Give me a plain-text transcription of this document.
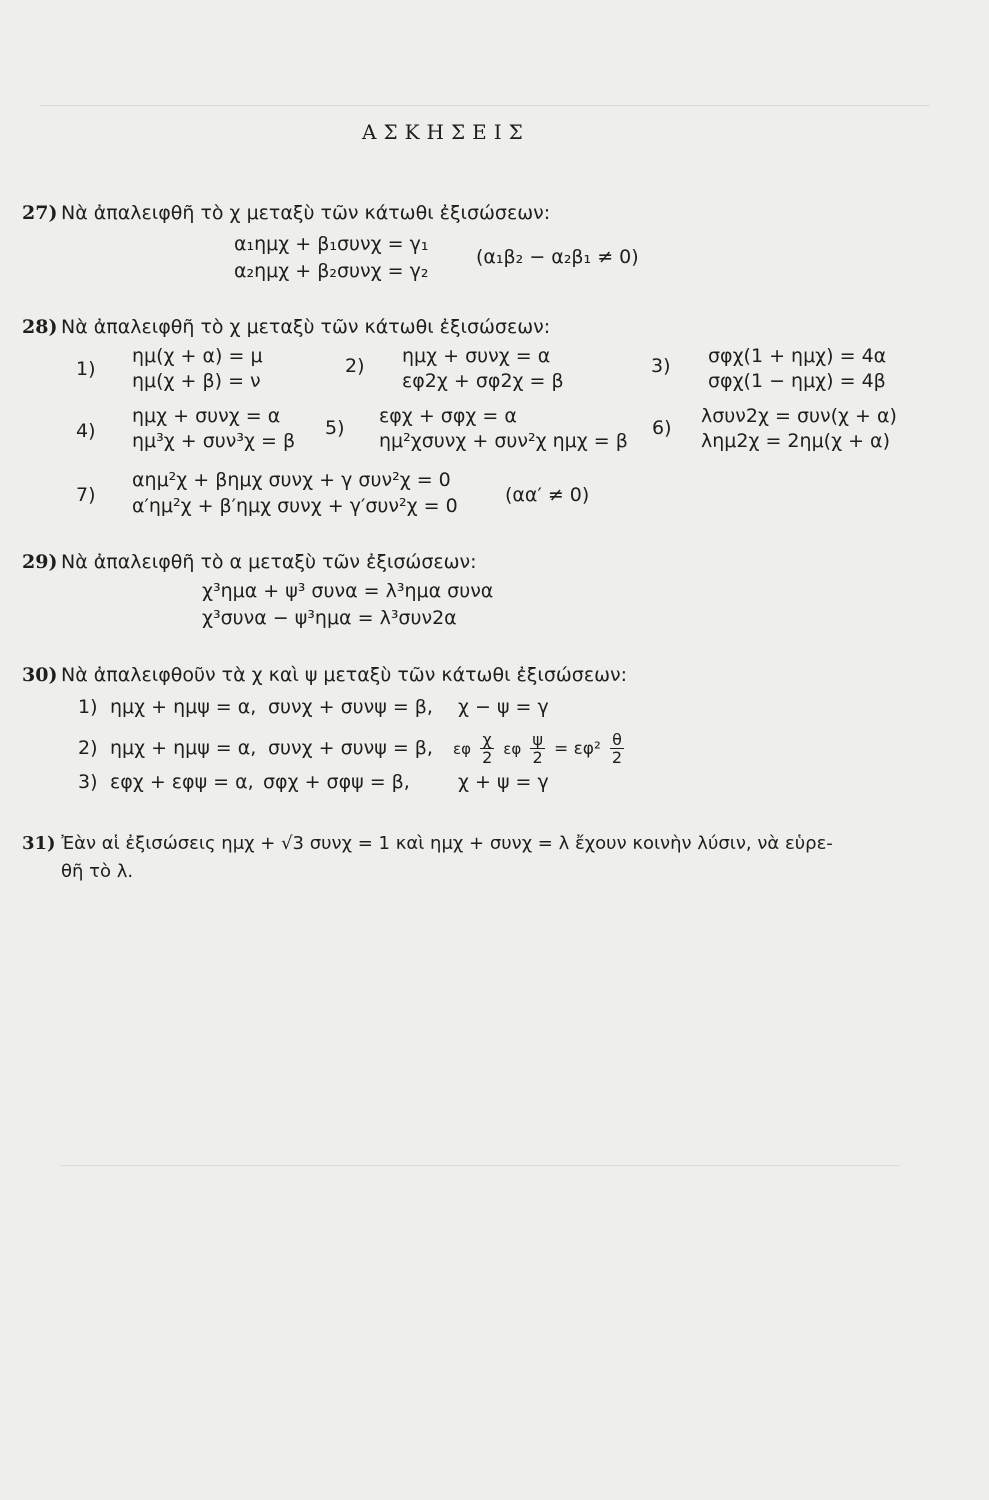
ΑΣΚΗΣΕΙΣ
27) Νὰ ἀπαλειφθῆ τὸ χ μεταξὺ τῶν κάτωθι ἐξισώσεων:
α₁ημχ + β₁συνχ = γ₁
α₂ημχ + β₂συνχ = γ₂
(α₁β₂ − α₂β₁ ≠ 0)
28) Νὰ ἀπαλειφθῆ τὸ χ μεταξὺ τῶν κάτωθι ἐξισώσεων:
1)
ημ(χ + α) = μ
ημ(χ + β) = ν
2) ημχ + συνχ = α
εφ2χ + σφ2χ = β
3) σφχ(1 + ημχ) = 4α
σφχ(1 − ημχ) = 4β
4)
ημχ + συνχ = α
ημ³χ + συν³χ = β
5)
εφχ + σφχ = α
ημ²χσυνχ + συν²χ ημχ = β
6)
λσυν2χ = συν(χ + α)
λημ2χ = 2ημ(χ + α)
7)
αημ²χ + βημχ συνχ + γ συν²χ = 0
α′ημ²χ + β′ημχ συνχ + γ′συν²χ = 0 (αα′ ≠ 0)
29) Νὰ ἀπαλειφθῆ τὸ α μεταξὺ τῶν ἐξισώσεων:
χ³ημα + ψ³ συνα = λ³ημα συνα
χ³συνα − ψ³ημα = λ³συν2α
30) Νὰ ἀπαλειφθοῦν τὰ χ καὶ ψ μεταξὺ τῶν κάτωθι ἐξισώσεων:
1) ημχ + ημψ = α, συνχ + συνψ = β, χ − ψ = γ
2) ημχ + ημψ = α, συνχ + συνψ = β, εφ $\frac{\chi}{2}$ εφ $\frac{\psi}{2} = \varepsilon\varphi^2 \frac{\theta}{2}$
3) εφχ + εφψ = α, σφχ + σφψ = β,	χ + ψ = γ
31) Ἐὰν αἱ ἐξισώσεις ημχ + √3 συνχ = 1 καὶ ημχ + συνχ = λ ἔχουν κοινὴν λύσιν, νὰ εὑρε-
θῆ τὸ λ.
